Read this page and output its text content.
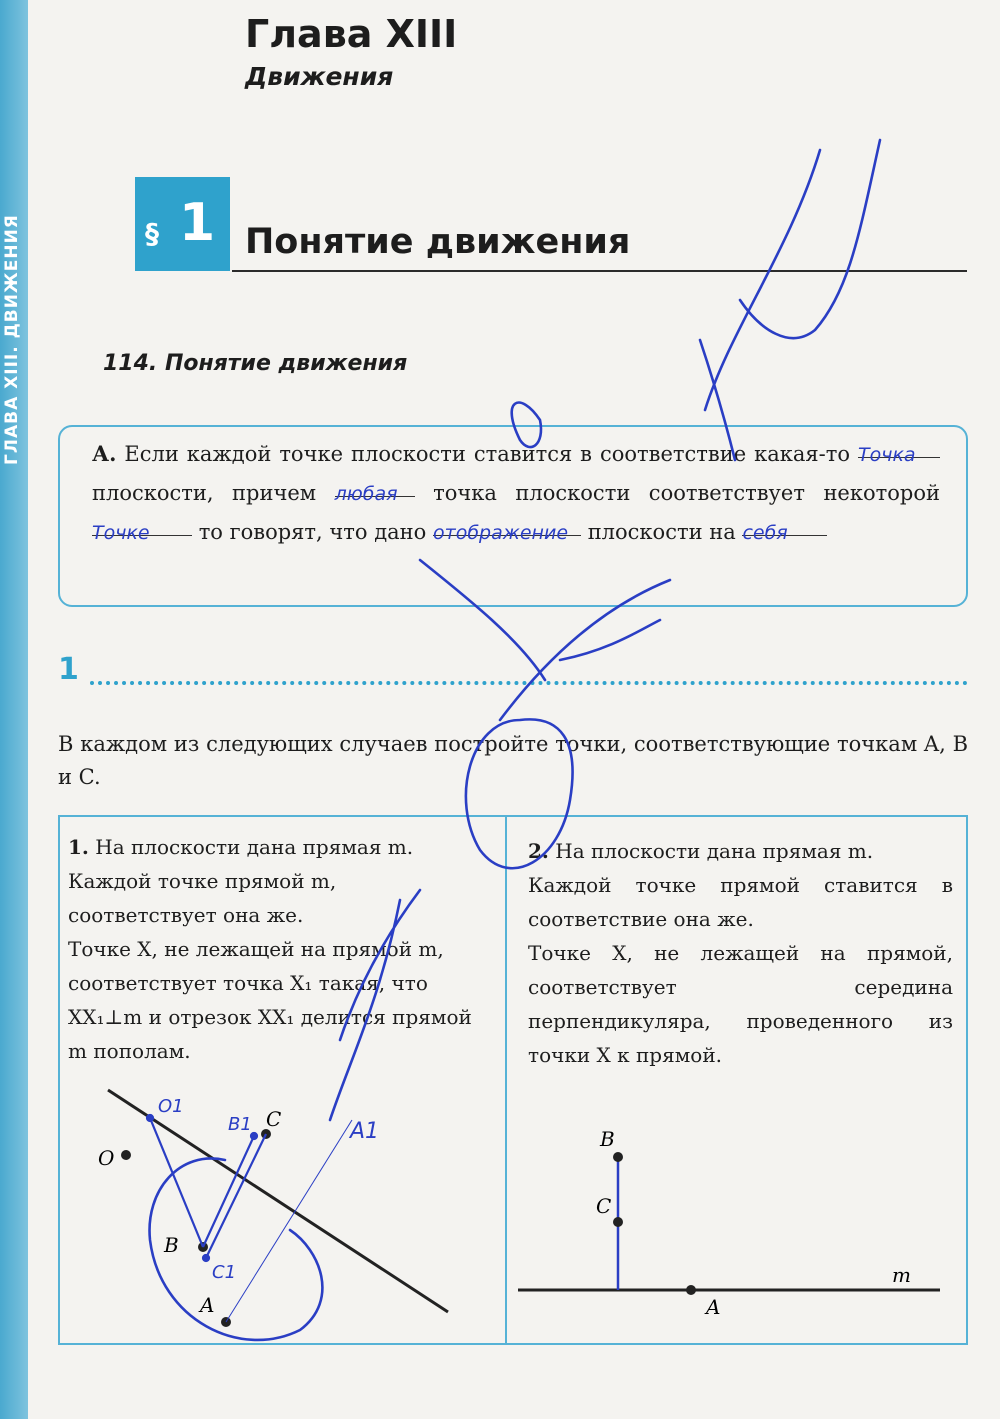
ГЛАВА XIII. ДВИЖЕНИЯ
Глава XIII
Движения
§ 1 Понятие движения
114. Понятие движения

А. Если каждой точке плоскости ставится в соответствие какая-то Точкаплоскости, причем любая точка плоскости соответствует некоторой Точке то говорят, что дано отображение плоскости на себя

1

В каждом из следующих случаев постройте точки, соответствующие точкам A, B и C.

1. На плоскости дана прямая m.
Каждой точке прямой m, соответствует она же.
Точке X, не лежащей на прямой m, соответствует точка X₁ такая, что XX₁⊥m и отрезок XX₁ делится прямой m пополам.
2. На плоскости дана прямая m.
Каждой точке прямой ставится в соответствие она же.
Точке X, не лежащей на прямой, соответствует середина перпендикуляра, проведенного из точки X к прямой.
O
B
A
C
O1
B1
C1
A1	B
C
A
m
